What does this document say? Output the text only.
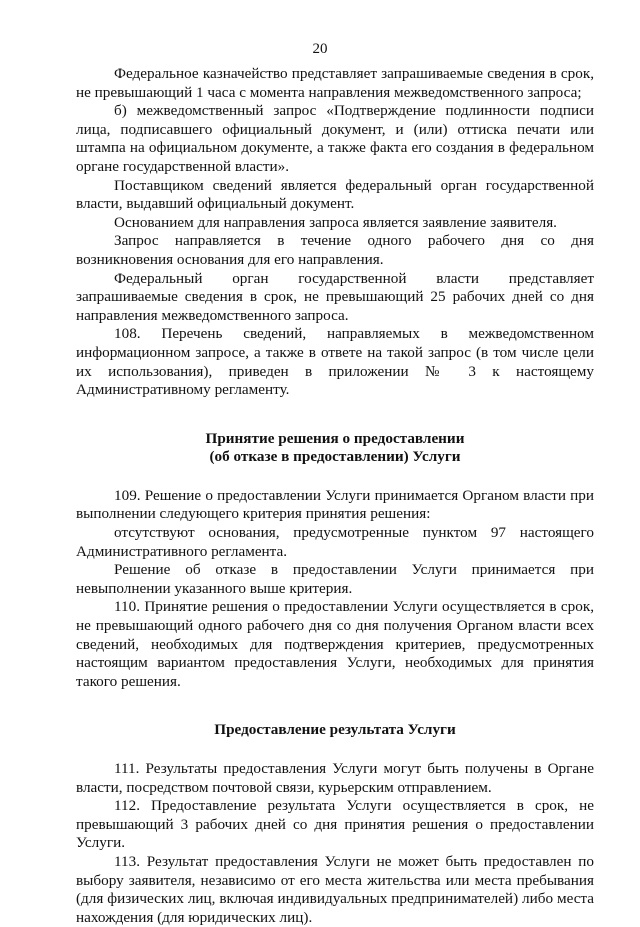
20

Федеральное казначейство представляет запрашиваемые сведения в срок, не превышающий 1 часа с момента направления межведомственного запроса;

б) межведомственный запрос «Подтверждение подлинности подписи лица, подписавшего официальный документ, и (или) оттиска печати или штампа на официальном документе, а также факта его создания в федеральном органе государственной власти».

Поставщиком сведений является федеральный орган государственной власти, выдавший официальный документ.

Основанием для направления запроса является заявление заявителя.

Запрос направляется в течение одного рабочего дня со дня возникновения основания для его направления.

Федеральный орган государственной власти представляет запрашиваемые сведения в срок, не превышающий 25 рабочих дней со дня направления межведомственного запроса.

108. Перечень сведений, направляемых в межведомственном информационном запросе, а также в ответе на такой запрос (в том числе цели их использования), приведен в приложении № 3 к настоящему Административному регламенту.

Принятие решения о предоставлении

(об отказе в предоставлении) Услуги

109. Решение о предоставлении Услуги принимается Органом власти при выполнении следующего критерия принятия решения:

отсутствуют основания, предусмотренные пунктом 97 настоящего Административного регламента.

Решение об отказе в предоставлении Услуги принимается при невыполнении указанного выше критерия.

110. Принятие решения о предоставлении Услуги осуществляется в срок, не превышающий одного рабочего дня со дня получения Органом власти всех сведений, необходимых для подтверждения критериев, предусмотренных настоящим вариантом предоставления Услуги, необходимых для принятия такого решения.

Предоставление результата Услуги

111. Результаты предоставления Услуги могут быть получены в Органе власти, посредством почтовой связи, курьерским отправлением.

112. Предоставление результата Услуги осуществляется в срок, не превышающий 3 рабочих дней со дня принятия решения о предоставлении Услуги.

113. Результат предоставления Услуги не может быть предоставлен по выбору заявителя, независимо от его места жительства или места пребывания (для физических лиц, включая индивидуальных предпринимателей) либо места нахождения (для юридических лиц).
